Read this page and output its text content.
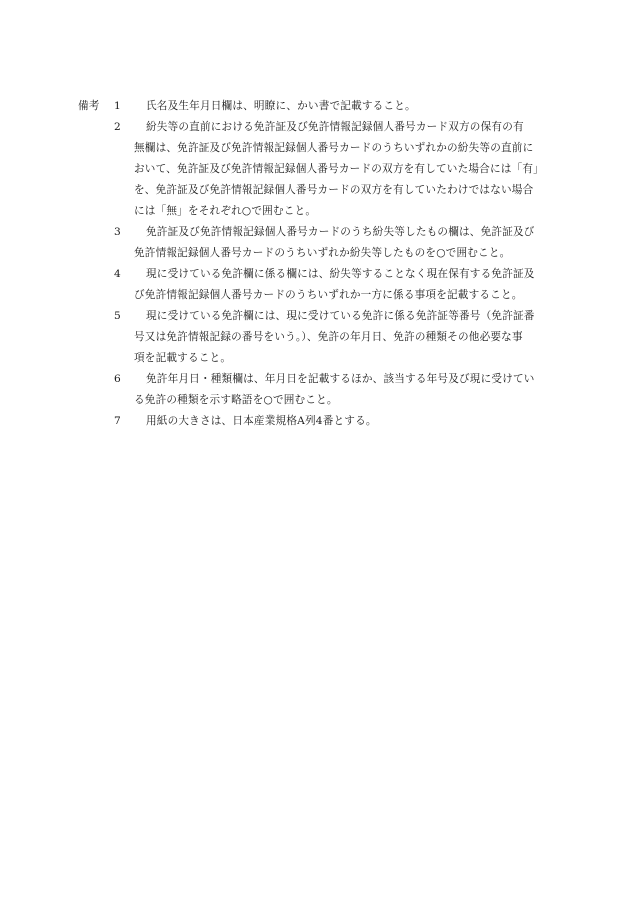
備考 1	氏名及生年月日欄は、明瞭に、かい書で記載すること。
2	紛失等の直前における免許証及び免許情報記録個人番号カード双方の保有の有
無欄は、免許証及び免許情報記録個人番号カードのうちいずれかの紛失等の直前に
おいて、免許証及び免許情報記録個人番号カードの双方を有していた場合には「有」
を、免許証及び免許情報記録個人番号カードの双方を有していたわけではない場合
には「無」をそれぞれ○で囲むこと。
3	免許証及び免許情報記録個人番号カードのうち紛失等したもの欄は、免許証及び
免許情報記録個人番号カードのうちいずれか紛失等したものを○で囲むこと。
4	現に受けている免許欄に係る欄には、紛失等することなく現在保有する免許証及
び免許情報記録個人番号カードのうちいずれか一方に係る事項を記載すること。
5	現に受けている免許欄には、現に受けている免許に係る免許証等番号（免許証番
号又は免許情報記録の番号をいう。）、免許の年月日、免許の種類その他必要な事
項を記載すること。
6	免許年月日・種類欄は、年月日を記載するほか、該当する年号及び現に受けてい
る免許の種類を示す略語を○で囲むこと。
7	用紙の大きさは、日本産業規格A列4番とする。
